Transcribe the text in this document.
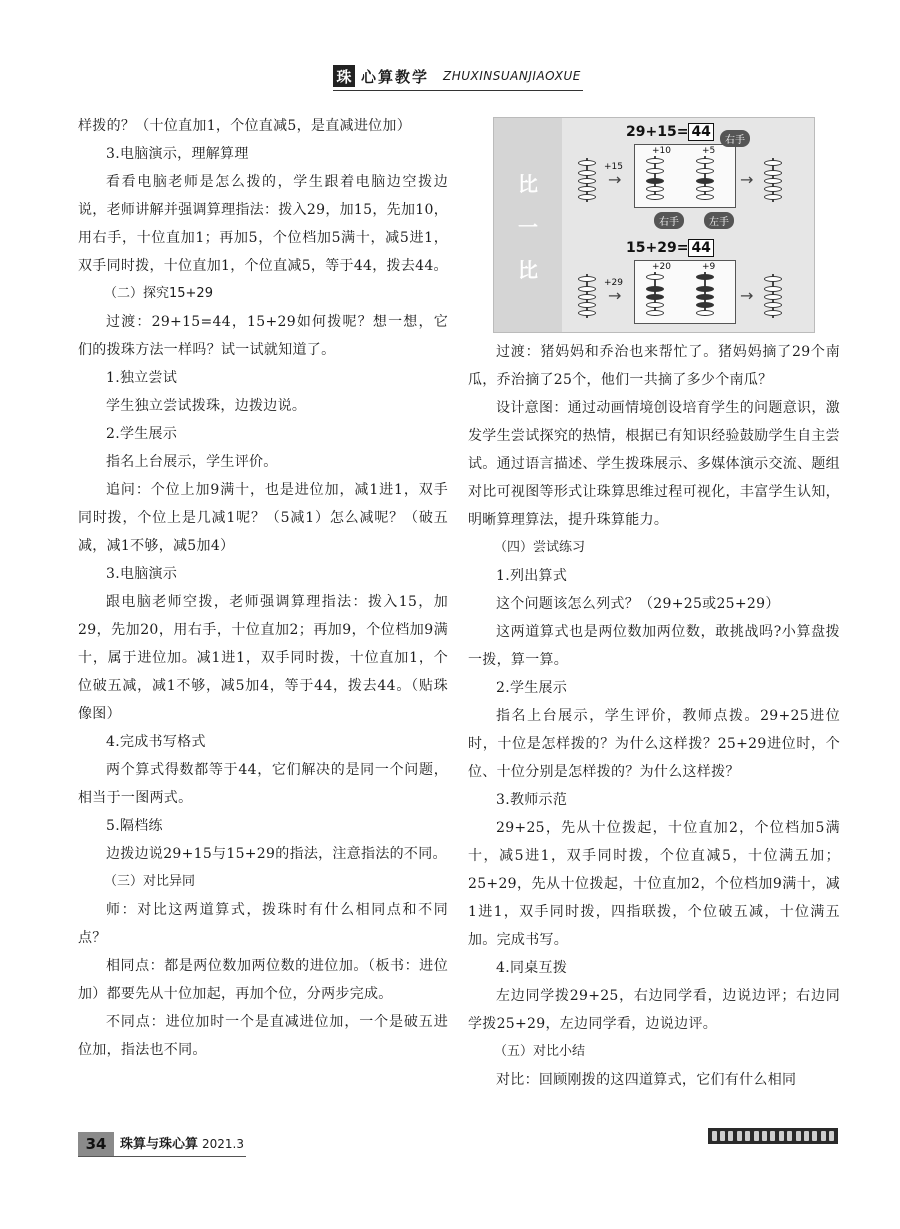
珠 心算教学 ZHUXINSUANJIAOXUE

样拨的？（十位直加1，个位直减5，是直减进位加）

3.电脑演示，理解算理

看看电脑老师是怎么拨的，学生跟着电脑边空拨边说，老师讲解并强调算理指法：拨入29，加15，先加10，用右手，十位直加1；再加5，个位档加5满十，减5进1，双手同时拨，十位直加1，个位直减5，等于44，拨去44。

（二）探究15+29

过渡：29+15=44，15+29如何拨呢？想一想，它们的拨珠方法一样吗？试一试就知道了。

1.独立尝试

学生独立尝试拨珠，边拨边说。

2.学生展示

指名上台展示，学生评价。

追问：个位上加9满十，也是进位加，减1进1，双手同时拨，个位上是几减1呢？（5减1）怎么减呢？（破五减，减1不够，减5加4）

3.电脑演示

跟电脑老师空拨，老师强调算理指法：拨入15，加29，先加20，用右手，十位直加2；再加9，个位档加9满十，属于进位加。减1进1，双手同时拨，十位直加1，个位破五减，减1不够，减5加4，等于44，拨去44。（贴珠像图）

4.完成书写格式

两个算式得数都等于44，它们解决的是同一个问题，相当于一图两式。

5.隔档练

边拨边说29+15与15+29的指法，注意指法的不同。

（三）对比异同

师：对比这两道算式，拨珠时有什么相同点和不同点？

相同点：都是两位数加两位数的进位加。（板书：进位加）都要先从十位加起，再加个位，分两步完成。

不同点：进位加时一个是直减进位加，一个是破五进位加，指法也不同。

比
一
比
29+15= 44
+15
→
+10	+5
右手
右手	左手
→
15+29= 44
+29
→
+20	+9
→

过渡：猪妈妈和乔治也来帮忙了。猪妈妈摘了29个南瓜，乔治摘了25个，他们一共摘了多少个南瓜？

设计意图：通过动画情境创设培育学生的问题意识，激发学生尝试探究的热情，根据已有知识经验鼓励学生自主尝试。通过语言描述、学生拨珠展示、多媒体演示交流、题组对比可视图等形式让珠算思维过程可视化，丰富学生认知，明晰算理算法，提升珠算能力。

（四）尝试练习

1.列出算式

这个问题该怎么列式？（29+25或25+29）

这两道算式也是两位数加两位数，敢挑战吗?小算盘拨一拨，算一算。

2.学生展示

指名上台展示，学生评价，教师点拨。29+25进位时，十位是怎样拨的？为什么这样拨？25+29进位时，个位、十位分别是怎样拨的？为什么这样拨？

3.教师示范

29+25，先从十位拨起，十位直加2，个位档加5满十，减5进1，双手同时拨，个位直减5，十位满五加；25+29，先从十位拨起，十位直加2，个位档加9满十，减1进1，双手同时拨，四指联拨，个位破五减，十位满五加。完成书写。

4.同桌互拨

左边同学拨29+25，右边同学看，边说边评；右边同学拨25+29，左边同学看，边说边评。

（五）对比小结

对比：回顾刚拨的这四道算式，它们有什么相同

34	珠算与珠心算 2021.3
